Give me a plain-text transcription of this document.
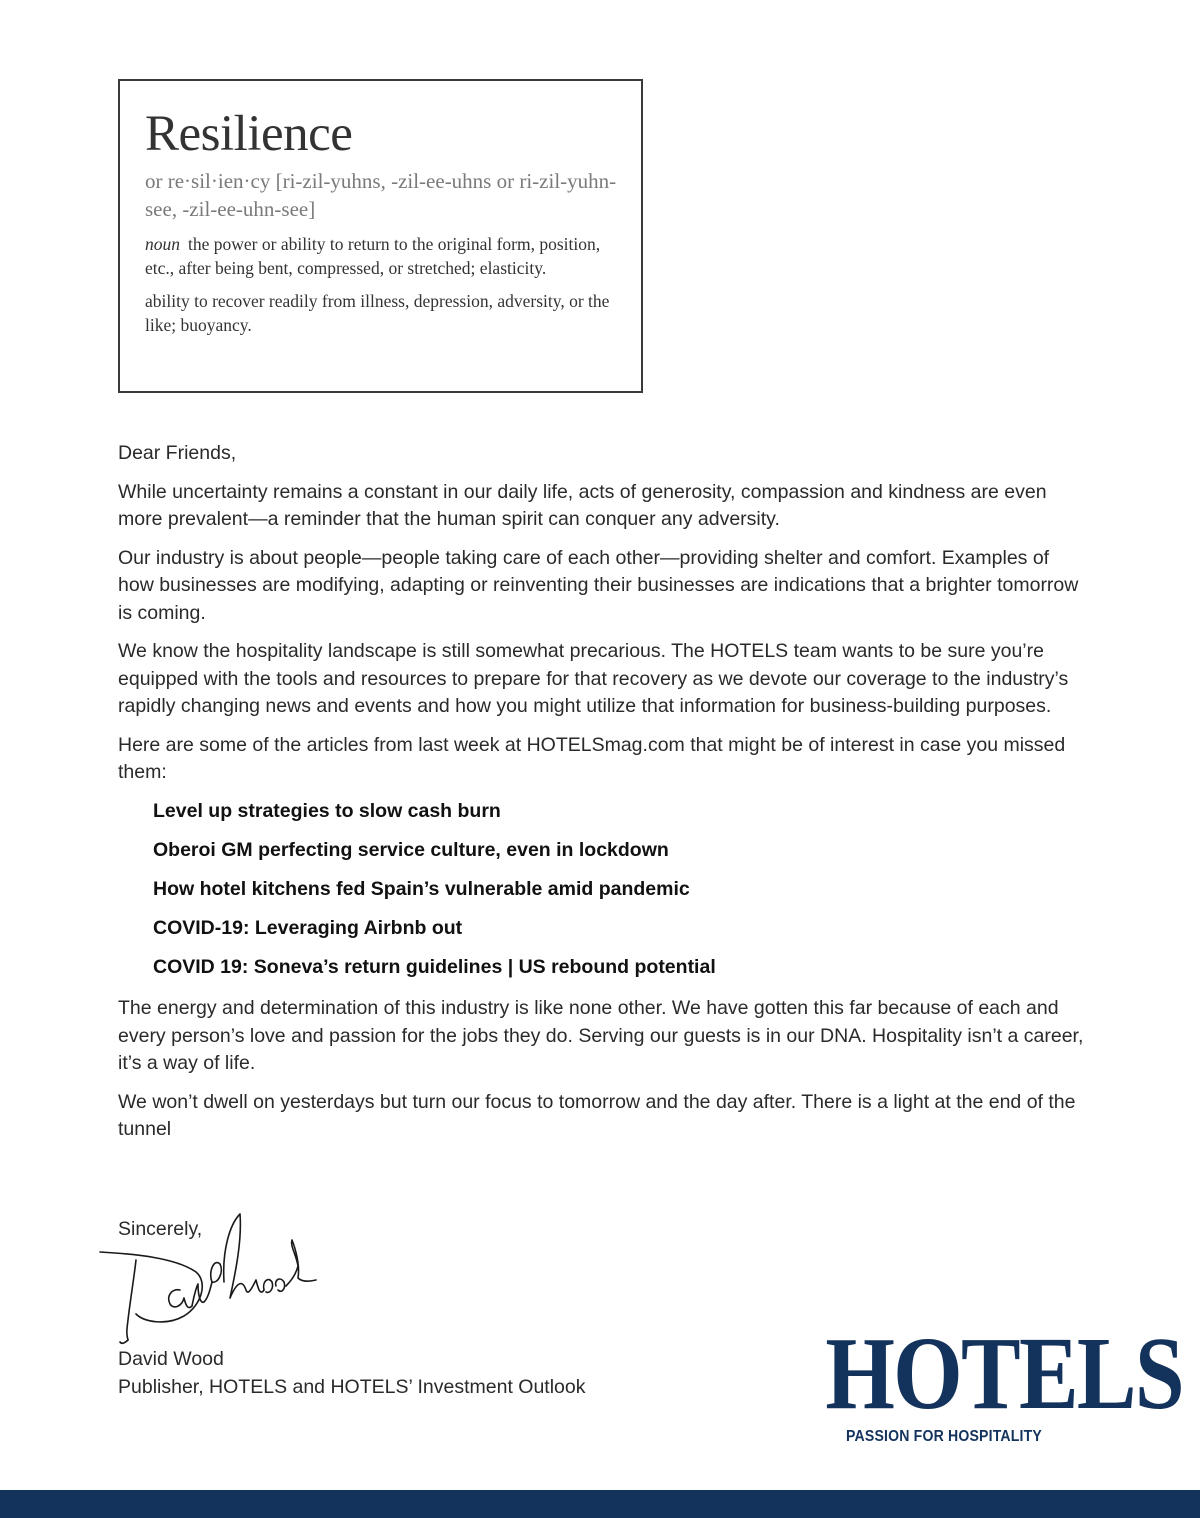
Resilience

or re·sil·ien·cy [ri-zil-yuhns, -zil-ee-uhns or ri-zil-yuhn-see, -zil-ee-uhn-see]

noun the power or ability to return to the original form, position, etc., after being bent, compressed, or stretched; elasticity.

ability to recover readily from illness, depression, adversity, or the like; buoyancy.

Dear Friends,

While uncertainty remains a constant in our daily life, acts of generosity, compassion and kindness are even more prevalent—a reminder that the human spirit can conquer any adversity.

Our industry is about people—people taking care of each other—providing shelter and comfort. Examples of how businesses are modifying, adapting or reinventing their businesses are indications that a brighter tomorrow is coming.

We know the hospitality landscape is still somewhat precarious. The HOTELS team wants to be sure you’re equipped with the tools and resources to prepare for that recovery as we devote our coverage to the industry’s rapidly changing news and events and how you might utilize that information for business-building purposes.

Here are some of the articles from last week at HOTELSmag.com that might be of interest in case you missed them:

Level up strategies to slow cash burn
Oberoi GM perfecting service culture, even in lockdown
How hotel kitchens fed Spain’s vulnerable amid pandemic
COVID-19: Leveraging Airbnb out
COVID 19: Soneva’s return guidelines | US rebound potential

The energy and determination of this industry is like none other. We have gotten this far because of each and every person’s love and passion for the jobs they do. Serving our guests is in our DNA. Hospitality isn’t a career, it’s a way of life.

We won’t dwell on yesterdays but turn our focus to tomorrow and the day after. There is a light at the end of the tunnel

Sincerely,
David Wood
Publisher, HOTELS and HOTELS’ Investment Outlook HOTELS
PASSION FOR HOSPITALITY
